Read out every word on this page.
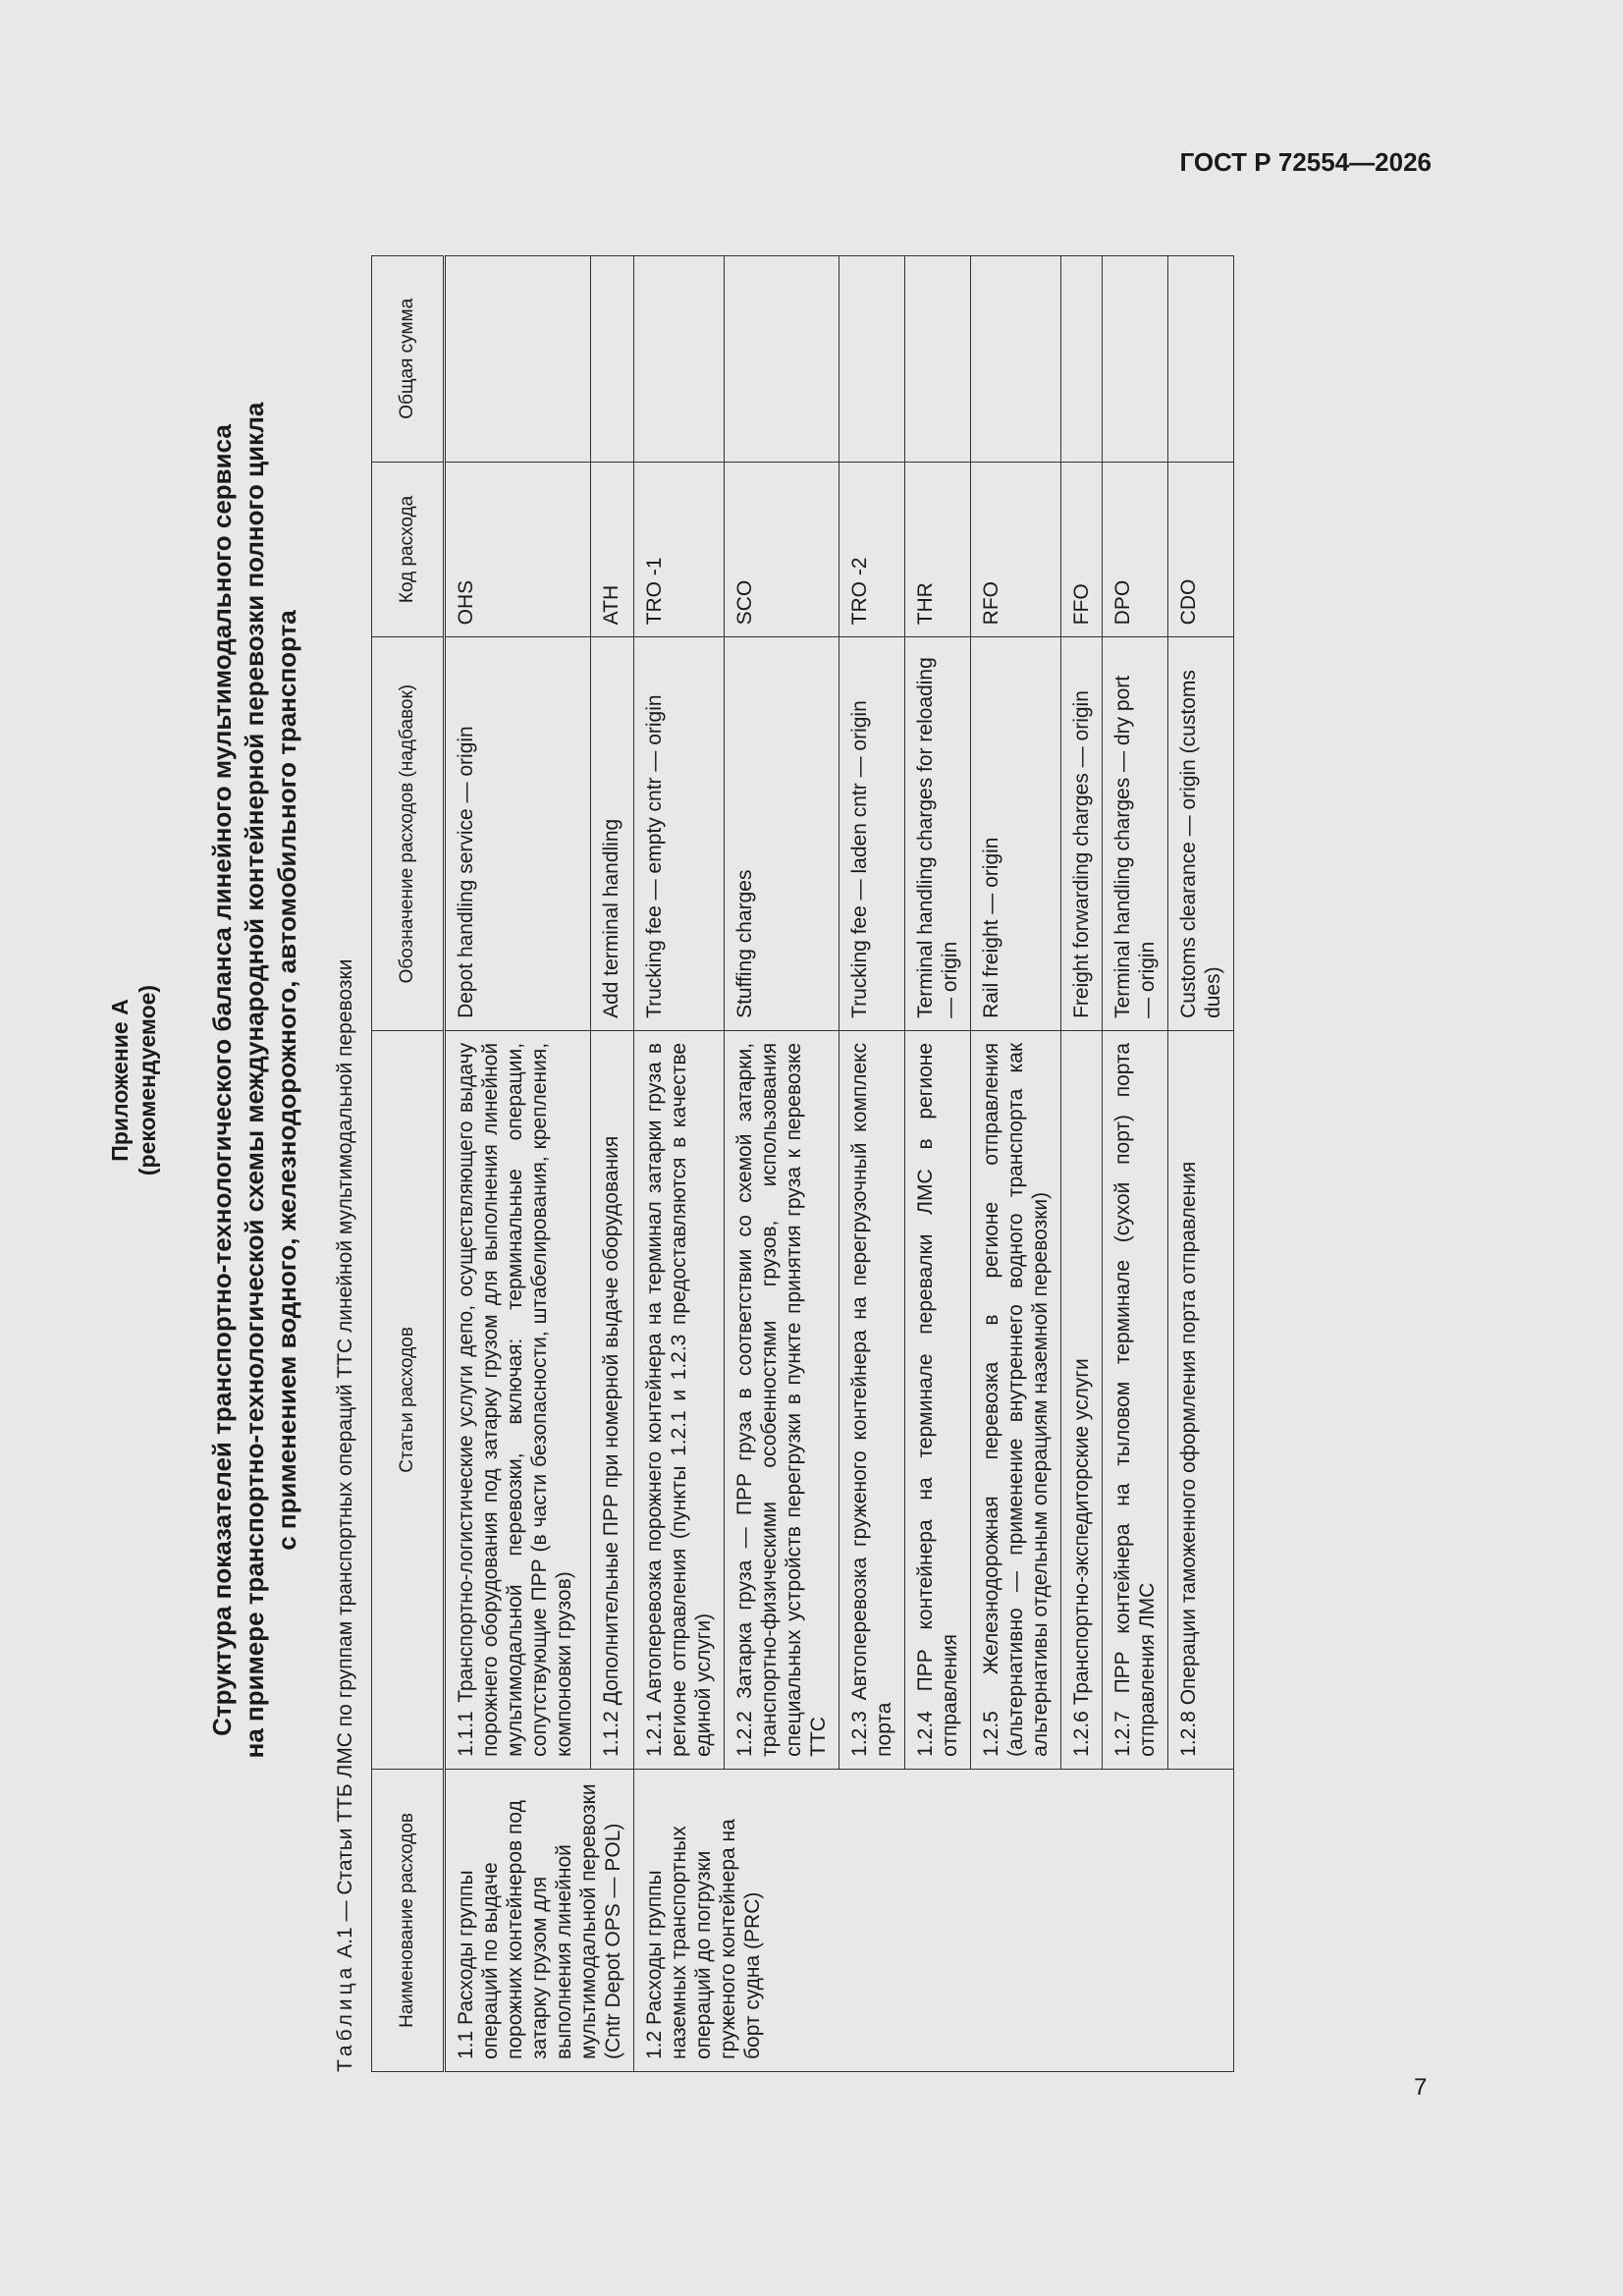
ГОСТ Р 72554—2026
Приложение А (рекомендуемое) Структура показателей транспортно-технологического баланса линейного мультимодального сервиса на примере транспортно-технологической схемы международной контейнерной перевозки полного цикла с применением водного, железнодорожного, автомобильного транспорта
Таблица А.1 — Статьи ТТБ ЛМС по группам транспортных операций ТТС линейной мультимодальной перевозки Наименование расходов	Статьи расходов	Обозначение расходов (надбавок)	Код расхода	Общая сумма
1.1 Расходы группы операций по выдаче порожних контейнеров под затарку грузом для выполнения линейной мультимодальной перевозки (Cntr Depot OPS — POL)	1.1.1 Транспортно-логистические услуги депо, осуществляющего выдачу порожнего оборудования под затарку грузом для выполнения линейной мультимодальной перевозки, включая: терминальные операции, сопутствующие ПРР (в части безопасности, штабелирования, крепления, компоновки грузов)	Depot handling service — origin	OHS	
	1.1.2 Дополнительные ПРР при номерной выдаче оборудования	Add terminal handling	ATH	
1.2 Расходы группы наземных транспортных операций до погрузки груженого контейнера на борт судна (PRC)	1.2.1 Автоперевозка порожнего контейнера на терминал затарки груза в регионе отправления (пункты 1.2.1 и 1.2.3 предоставляются в качестве единой услуги)	Trucking fee — empty cntr — origin	TRO -1	
	1.2.2 Затарка груза — ПРР груза в соответствии со схемой затарки, транспортно-физическими особенностями грузов, использования специальных устройств перегрузки в пункте принятия груза к перевозке ТТС	Stuffing charges	SCO	
	1.2.3 Автоперевозка груженого контейнера на перегрузочный комплекс порта	Trucking fee — laden cntr — origin	TRO -2	
	1.2.4 ПРР контейнера на терминале перевалки ЛМС в регионе отправления	Terminal handling charges for reloading — origin	THR	
	1.2.5 Железнодорожная перевозка в регионе отправления (альтернативно — применение внутреннего водного транспорта как альтернативы отдельным операциям наземной перевозки)	Rail freight — origin	RFO	
	1.2.6 Транспортно-экспедиторские услуги	Freight forwarding charges — origin	FFO	
	1.2.7 ПРР контейнера на тыловом терминале (сухой порт) порта отправления ЛМС	Terminal handling charges — dry port — origin	DPO	
	1.2.8 Операции таможенного оформления порта отправления	Customs clearance — origin (customs dues)	CDO	
7
